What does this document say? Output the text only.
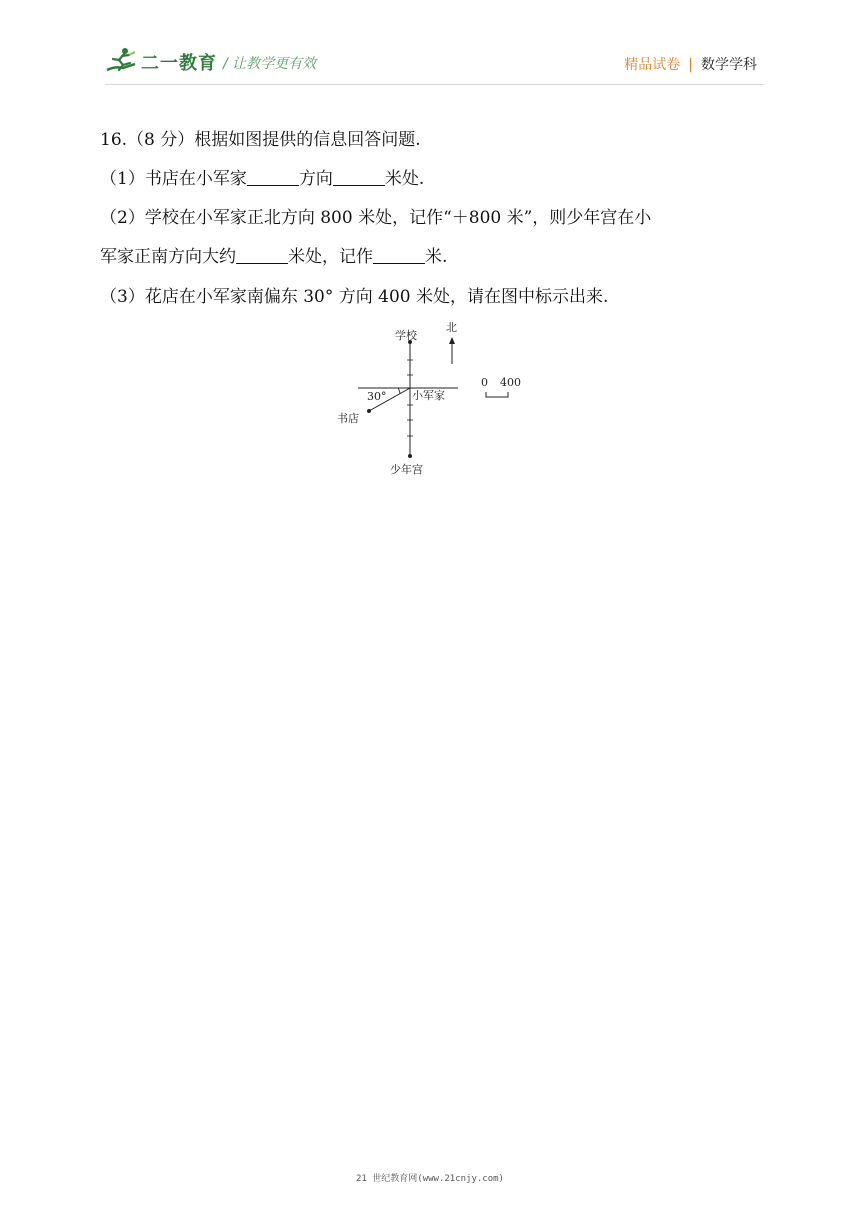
二一教育 / 让教学更有效	精品试卷 | 数学学科
16.（8 分）根据如图提供的信息回答问题.
（1）书店在小军家	方向	米处.
（2）学校在小军家正北方向 800 米处，记作“＋800 米”，则少年宫在小
军家正南方向大约	米处，记作	米.
（3）花店在小军家南偏东 30° 方向 400 米处，请在图中标示出来.
学校
北
30° 小军家
书店
少年宫
0 400
21 世纪教育网(www.21cnjy.com)
